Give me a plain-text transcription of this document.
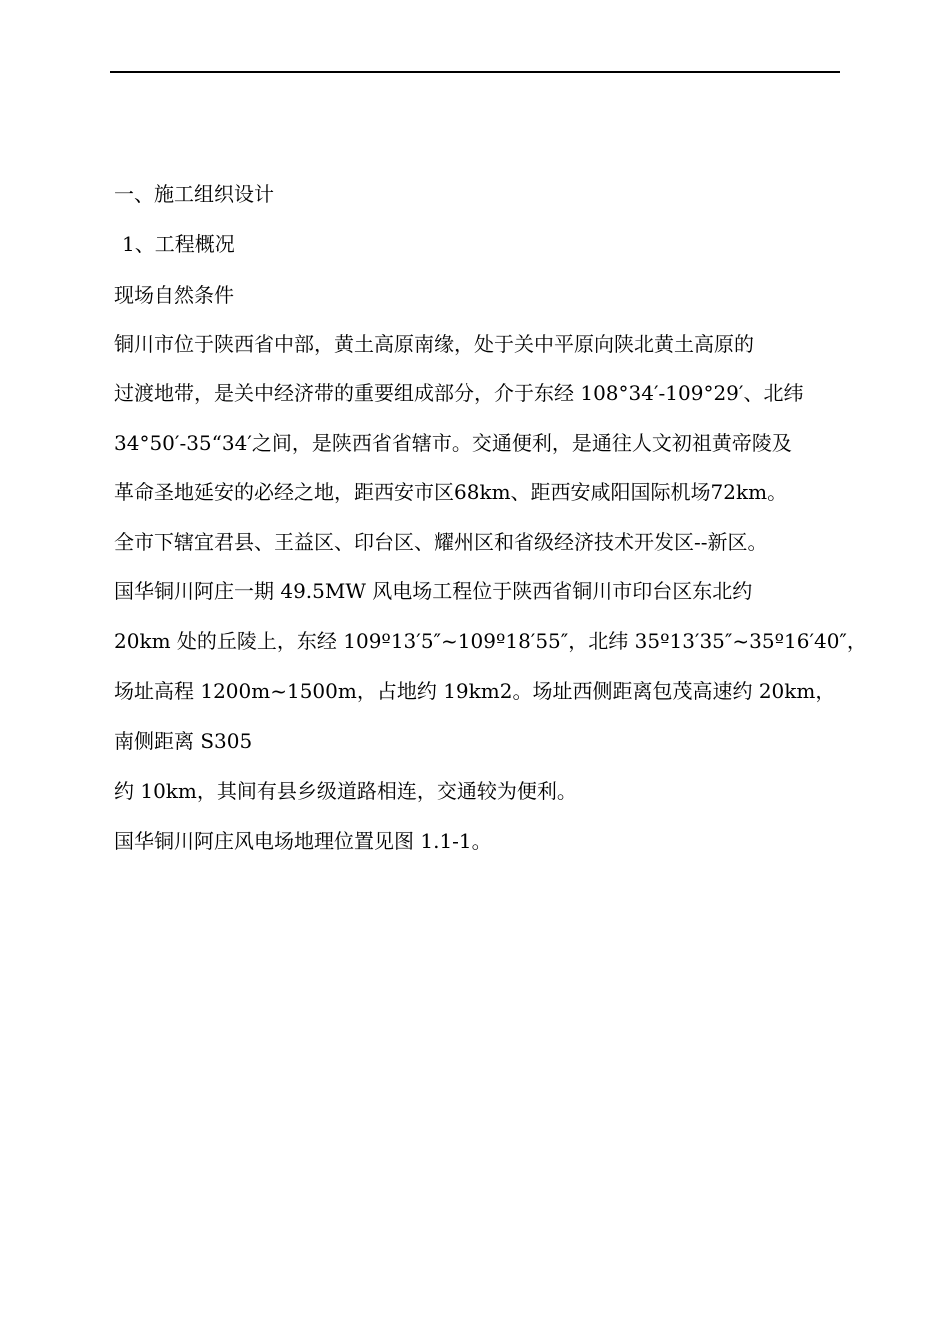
一、施工组织设计
1、工程概况
现场自然条件
铜川市位于陕西省中部，黄土高原南缘，处于关中平原向陕北黄土高原的
过渡地带，是关中经济带的重要组成部分，介于东经 108°34′-109°29′、北纬
34°50′-35“34′之间，是陕西省省辖市。交通便利，是通往人文初祖黄帝陵及
革命圣地延安的必经之地，距西安市区68km、距西安咸阳国际机场72km。
全市下辖宜君县、王益区、印台区、耀州区和省级经济技术开发区--新区。
国华铜川阿庄一期 49.5MW 风电场工程位于陕西省铜川市印台区东北约
20km 处的丘陵上，东经 109º13′5″~109º18′55″，北纬 35º13′35″~35º16′40″，
场址高程 1200m~1500m，占地约 19km2。场址西侧距离包茂高速约 20km，
南侧距离 S305
约 10km，其间有县乡级道路相连，交通较为便利。
国华铜川阿庄风电场地理位置见图 1.1-1。
